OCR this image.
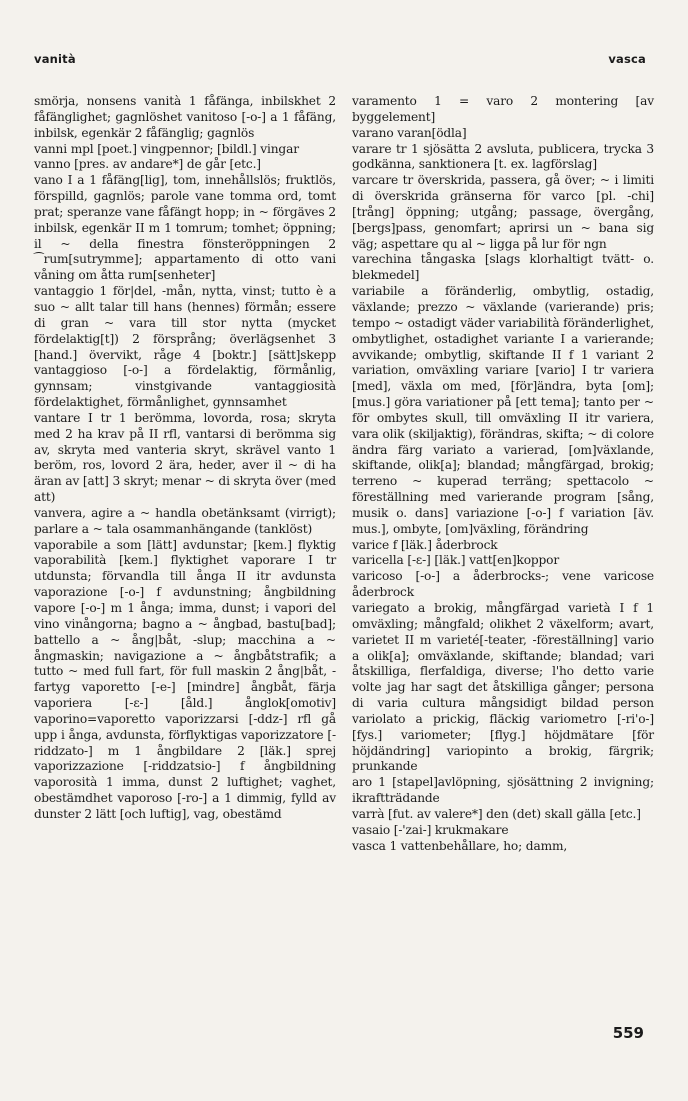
vanità	vasca

smörja, nonsens vanità 1 fåfänga, inbilskhet 2 fåfänglighet; gagnlöshet vanitoso [-o-] a 1 fåfäng, inbilsk, egenkär 2 fåfänglig; gagnlös

vanni mpl [poet.] vingpennor; [bildl.] vingar

vanno [pres. av andare*] de går [etc.]

vano I a 1 fåfäng[lig], tom, innehållslös; fruktlös, förspilld, gagnlös; parole vane tomma ord, tomt prat; speranze vane fåfängt hopp; in ~ förgäves 2 inbilsk, egenkär II m 1 tomrum; tomhet; öppning; il ~ della finestra fönsteröppningen 2 ⁀rum[sutrymme]; appartamento di otto vani våning om åtta rum[senheter]

vantaggio 1 för|del, -mån, nytta, vinst; tutto è a suo ~ allt talar till hans (hennes) förmån; essere di gran ~ vara till stor nytta (mycket fördelaktig[t]) 2 försprång; överlägsenhet 3 [hand.] övervikt, råge 4 [boktr.] [sätt]skepp vantaggioso [-o-] a fördelaktig, förmånlig, gynnsam; vinstgivande vantaggiosità fördelaktighet, förmånlighet, gynnsamhet

vantare I tr 1 berömma, lovorda, rosa; skryta med 2 ha krav på II rfl, vantarsi di berömma sig av, skryta med vanteria skryt, skrävel vanto 1 beröm, ros, lovord 2 ära, heder, aver il ~ di ha äran av [att] 3 skryt; menar ~ di skryta över (med att)

vanvera, agire a ~ handla obetänksamt (virrigt); parlare a ~ tala osammanhängande (tanklöst)

vaporabile a som [lätt] avdunstar; [kem.] flyktig vaporabilità [kem.] flyktighet vaporare I tr utdunsta; förvandla till ånga II itr avdunsta vaporazione [-o-] f avdunstning; ångbildning vapore [-o-] m 1 ånga; imma, dunst; i vapori del vino vinångorna; bagno a ~ ångbad, bastu[bad]; battello a ~ ång|båt, -slup; macchina a ~ ångmaskin; navigazione a ~ ångbåtstrafik; a tutto ~ med full fart, för full maskin 2 ång|båt, -fartyg vaporetto [-e-] [mindre] ångbåt, färja vaporiera [-ε-] [åld.] ånglok[omotiv] vaporino=vaporetto vaporizzarsi [-ddz-] rfl gå upp i ånga, avdunsta, förflyktigas vaporizzatore [-riddzato-] m 1 ångbildare 2 [läk.] sprej vaporizzazione [-riddzatsio-] f ångbildning vaporosità 1 imma, dunst 2 luftighet; vaghet, obestämdhet vaporoso [-ro-] a 1 dimmig, fylld av dunster 2 lätt [och luftig], vag, obestämd

varamento 1 = varo 2 montering [av byggelement]

varano varan[ödla]

varare tr 1 sjösätta 2 avsluta, publicera, trycka 3 godkänna, sanktionera [t. ex. lagförslag]

varcare tr överskrida, passera, gå över; ~ i limiti di överskrida gränserna för varco [pl. -chi] [trång] öppning; utgång; passage, övergång, [bergs]pass, genomfart; aprirsi un ~ bana sig väg; aspettare qu al ~ ligga på lur för ngn

varechina tångaska [slags klorhaltigt tvätt- o. blekmedel]

variabile a föränderlig, ombytlig, ostadig, växlande; prezzo ~ växlande (varierande) pris; tempo ~ ostadigt väder variabilità föränderlighet, ombytlighet, ostadighet variante I a varierande; avvikande; ombytlig, skiftande II f 1 variant 2 variation, omväxling variare [vario] I tr variera [med], växla om med, [för]ändra, byta [om]; [mus.] göra variationer på [ett tema]; tanto per ~ för ombytes skull, till omväxling II itr variera, vara olik (skiljaktig), förändras, skifta; ~ di colore ändra färg variato a varierad, [om]växlande, skiftande, olik[a]; blandad; mångfärgad, brokig; terreno ~ kuperad terräng; spettacolo ~ föreställning med varierande program [sång, musik o. dans] variazione [-o-] f variation [äv. mus.], ombyte, [om]växling, förändring

varice f [läk.] åderbrock

varicella [-ε-] [läk.] vatt[en]koppor

varicoso [-o-] a åderbrocks-; vene varicose åderbrock

variegato a brokig, mångfärgad varietà I f 1 omväxling; mångfald; olikhet 2 växelform; avart, varietet II m varieté[-teater, -föreställning] vario a olik[a]; omväxlande, skiftande; blandad; vari åtskilliga, flerfaldiga, diverse; l'ho detto varie volte jag har sagt det åtskilliga gånger; persona di varia cultura mångsidigt bildad person variolato a prickig, fläckig variometro [-ri'o-] [fys.] variometer; [flyg.] höjdmätare [för höjdändring] variopinto a brokig, färgrik; prunkande

aro 1 [stapel]avlöpning, sjösättning 2 invigning; ikraftträdande

varrà [fut. av valere*] den (det) skall gälla [etc.]

vasaio [-'zai-] krukmakare

vasca 1 vattenbehållare, ho; damm,

559
